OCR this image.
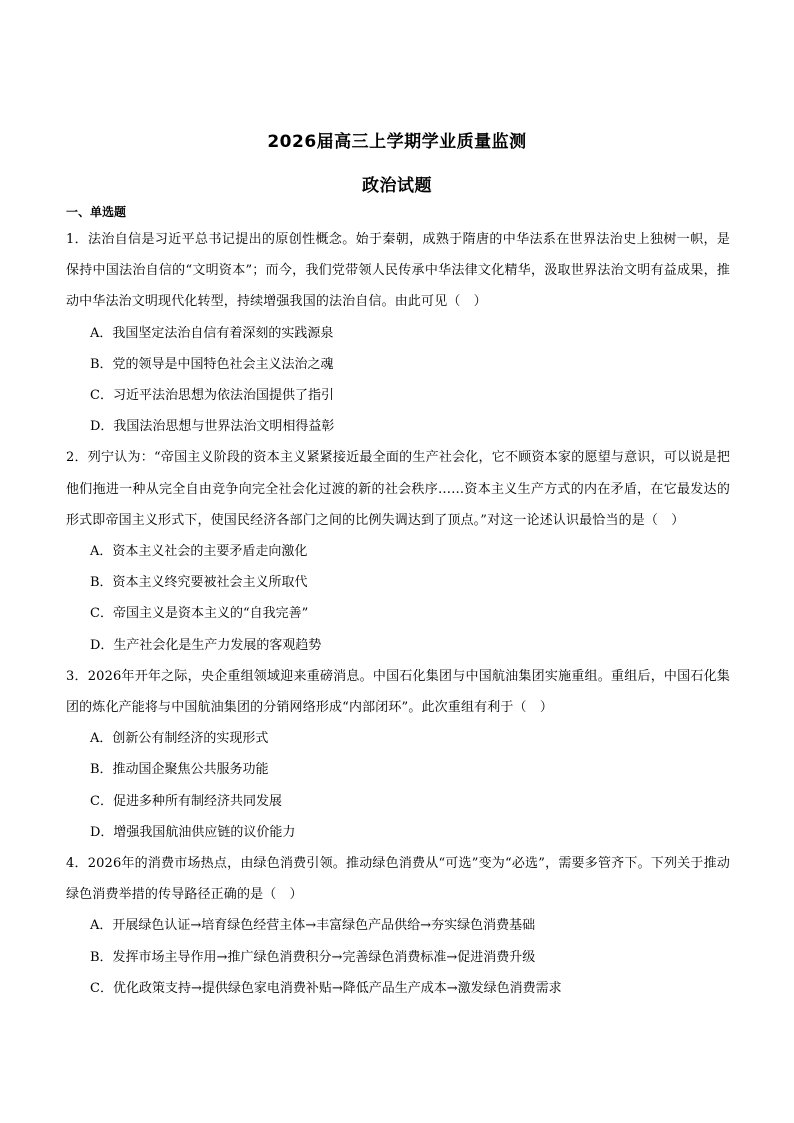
2026届高三上学期学业质量监测
政治试题
一、单选题

1．法治自信是习近平总书记提出的原创性概念。始于秦朝，成熟于隋唐的中华法系在世界法治史上独树一帜，是保持中国法治自信的“文明资本”；而今，我们党带领人民传承中华法律文化精华，汲取世界法治文明有益成果，推动中华法治文明现代化转型，持续增强我国的法治自信。由此可见（　）

A．我国坚定法治自信有着深刻的实践源泉

B．党的领导是中国特色社会主义法治之魂

C．习近平法治思想为依法治国提供了指引

D．我国法治思想与世界法治文明相得益彰

2．列宁认为：“帝国主义阶段的资本主义紧紧接近最全面的生产社会化，它不顾资本家的愿望与意识，可以说是把他们拖进一种从完全自由竞争向完全社会化过渡的新的社会秩序……资本主义生产方式的内在矛盾，在它最发达的形式即帝国主义形式下，使国民经济各部门之间的比例失调达到了顶点。”对这一论述认识最恰当的是（　）

A．资本主义社会的主要矛盾走向激化

B．资本主义终究要被社会主义所取代

C．帝国主义是资本主义的“自我完善”

D．生产社会化是生产力发展的客观趋势

3．2026年开年之际，央企重组领域迎来重磅消息。中国石化集团与中国航油集团实施重组。重组后，中国石化集团的炼化产能将与中国航油集团的分销网络形成“内部闭环”。此次重组有利于（　）

A．创新公有制经济的实现形式

B．推动国企聚焦公共服务功能

C．促进多种所有制经济共同发展

D．增强我国航油供应链的议价能力

4．2026年的消费市场热点，由绿色消费引领。推动绿色消费从“可选”变为“必选”，需要多管齐下。下列关于推动绿色消费举措的传导路径正确的是（　）

A．开展绿色认证→培育绿色经营主体→丰富绿色产品供给→夯实绿色消费基础

B．发挥市场主导作用→推广绿色消费积分→完善绿色消费标准→促进消费升级

C．优化政策支持→提供绿色家电消费补贴→降低产品生产成本→激发绿色消费需求
